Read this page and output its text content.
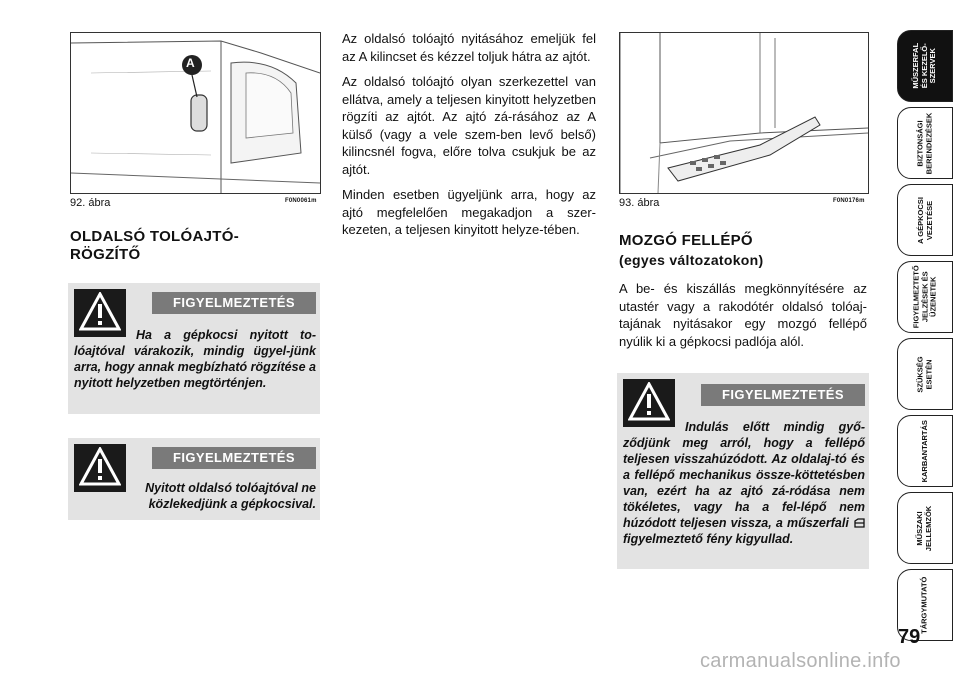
A
92. ábra	F0N0061m
OLDALSÓ TOLÓAJTÓ-
RÖGZÍTŐ
FIGYELMEZTETÉS
Ha a gépkocsi nyitott to-lóajtóval várakozik, mindig ügyel-jünk arra, hogy annak megbízható rögzítése a nyitott helyzetben megtörténjen.
FIGYELMEZTETÉS
Nyitott oldalsó tolóajtóval ne közlekedjünk a gépkocsival.

Az oldalsó tolóajtó nyitásához emeljük fel az A kilincset és kézzel toljuk hátra az ajtót.

Az oldalsó tolóajtó olyan szerkezettel van ellátva, amely a teljesen kinyitott helyzetben rögzíti az ajtót. Az ajtó zá-rásához az A külső (vagy a vele szem-ben levő belső) kilincsnél fogva, előre tolva csukjuk be az ajtót.

Minden esetben ügyeljünk arra, hogy az ajtó megfelelően megakadjon a szer-kezeten, a teljesen kinyitott helyze-tében.

93. ábra	F0N0176m
MOZGÓ FELLÉPŐ
(egyes változatokon)
A be- és kiszállás megkönnyítésére az utastér vagy a rakodótér oldalsó tolóaj-tajának nyitásakor egy mozgó fellépő nyúlik ki a gépkocsi padlója alól.
FIGYELMEZTETÉS
Indulás előtt mindig győ-ződjünk meg arról, hogy a fellépő teljesen visszahúzódott. Az oldalaj-tó és a fellépő mechanikus össze-köttetésben van, ezért ha az ajtó zá-ródása nem tökéletes, vagy ha a fel-lépő nem húzódott teljesen vissza, a műszerfali  figyelmeztető fény kigyullad.
MŰSZERFAL
ÉS KEZELŐ-
SZERVEK
BIZTONSÁGI
BERENDEZÉSEK
A GÉPKOCSI
VEZETÉSE
FIGYELMEZTETŐ
JELZÉSEK ÉS
ÜZENETEK
SZÜKSÉG
ESETÉN
KARBANTARTÁS
MŰSZAKI
JELLEMZŐK
TÁRGYMUTATÓ
79
carmanualsonline.info
